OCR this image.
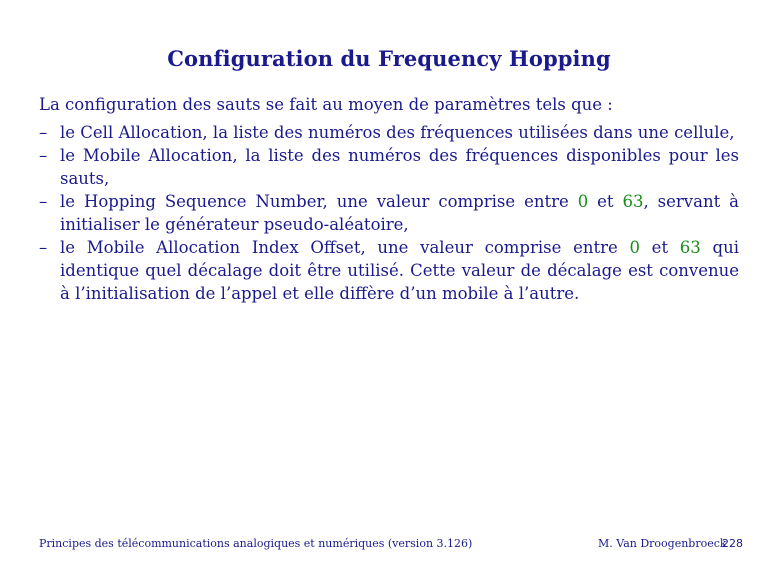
Configuration du Frequency Hopping
La configuration des sauts se fait au moyen de paramètres tels que :
– le Cell Allocation, la liste des numéros des fréquences utilisées dans une cellule,
– le Mobile Allocation, la liste des numéros des fréquences disponibles pour les sauts,
– le Hopping Sequence Number, une valeur comprise entre 0 et 63, servant à initialiser le générateur pseudo-aléatoire,
– le Mobile Allocation Index Offset, une valeur comprise entre 0 et 63 qui identique quel décalage doit être utilisé. Cette valeur de décalage est convenue à l’initialisation de l’appel et elle diffère d’un mobile à l’autre.
Principes des télécommunications analogiques et numériques (version 3.126)	M. Van Droogenbroeck
228
